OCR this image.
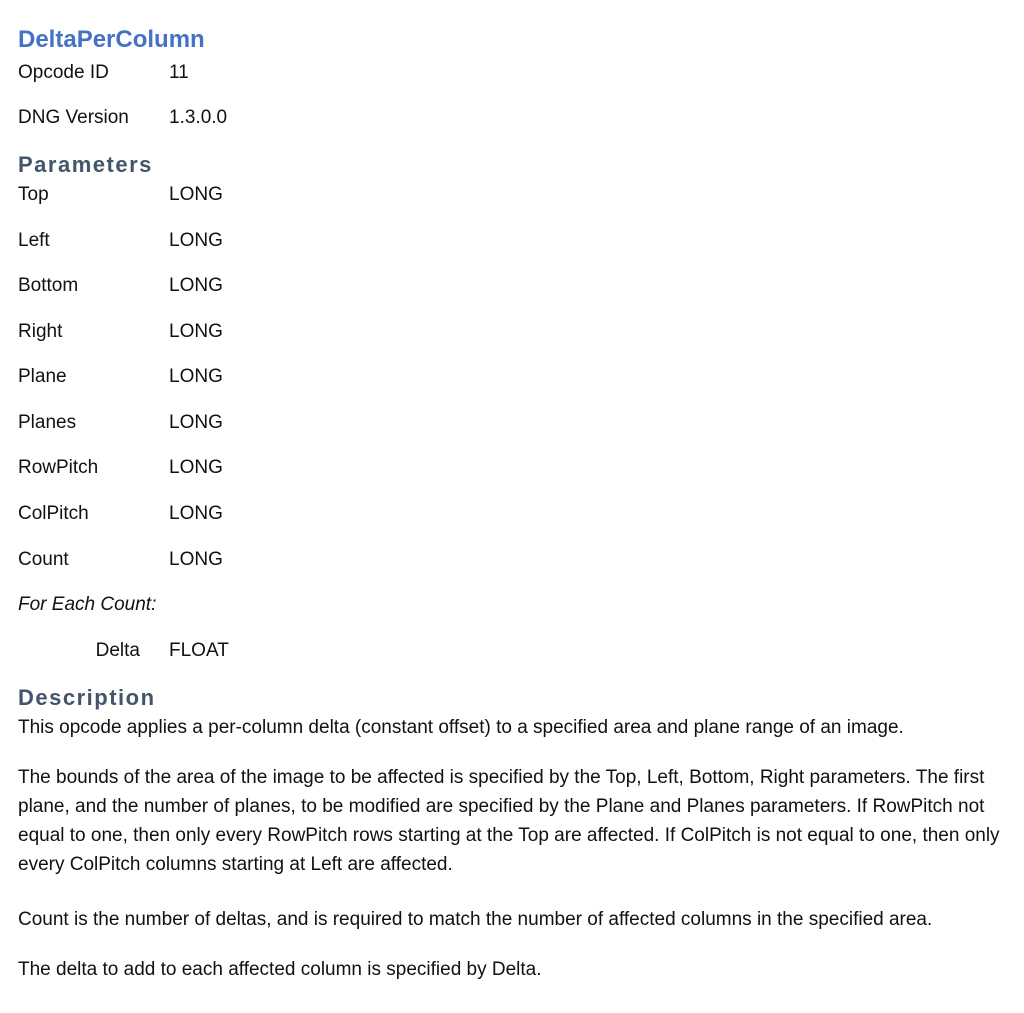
DeltaPerColumn
Opcode ID	11
DNG Version 1.3.0.0
Parameters
Top	LONG
Left	LONG
Bottom	LONG
Right	LONG
Plane	LONG
Planes	LONG
RowPitch	LONG
ColPitch	LONG
Count	LONG
For Each Count:
Delta FLOAT
Description

This opcode applies a per-column delta (constant offset) to a specified area and plane range of an image.

The bounds of the area of the image to be affected is specified by the Top, Left, Bottom, Right parameters. The first plane, and the number of planes, to be modified are specified by the Plane and Planes parameters. If RowPitch not equal to one, then only every RowPitch rows starting at the Top are affected. If ColPitch is not equal to one, then only every ColPitch columns starting at Left are affected.

Count is the number of deltas, and is required to match the number of affected columns in the specified area.

The delta to add to each affected column is specified by Delta.
